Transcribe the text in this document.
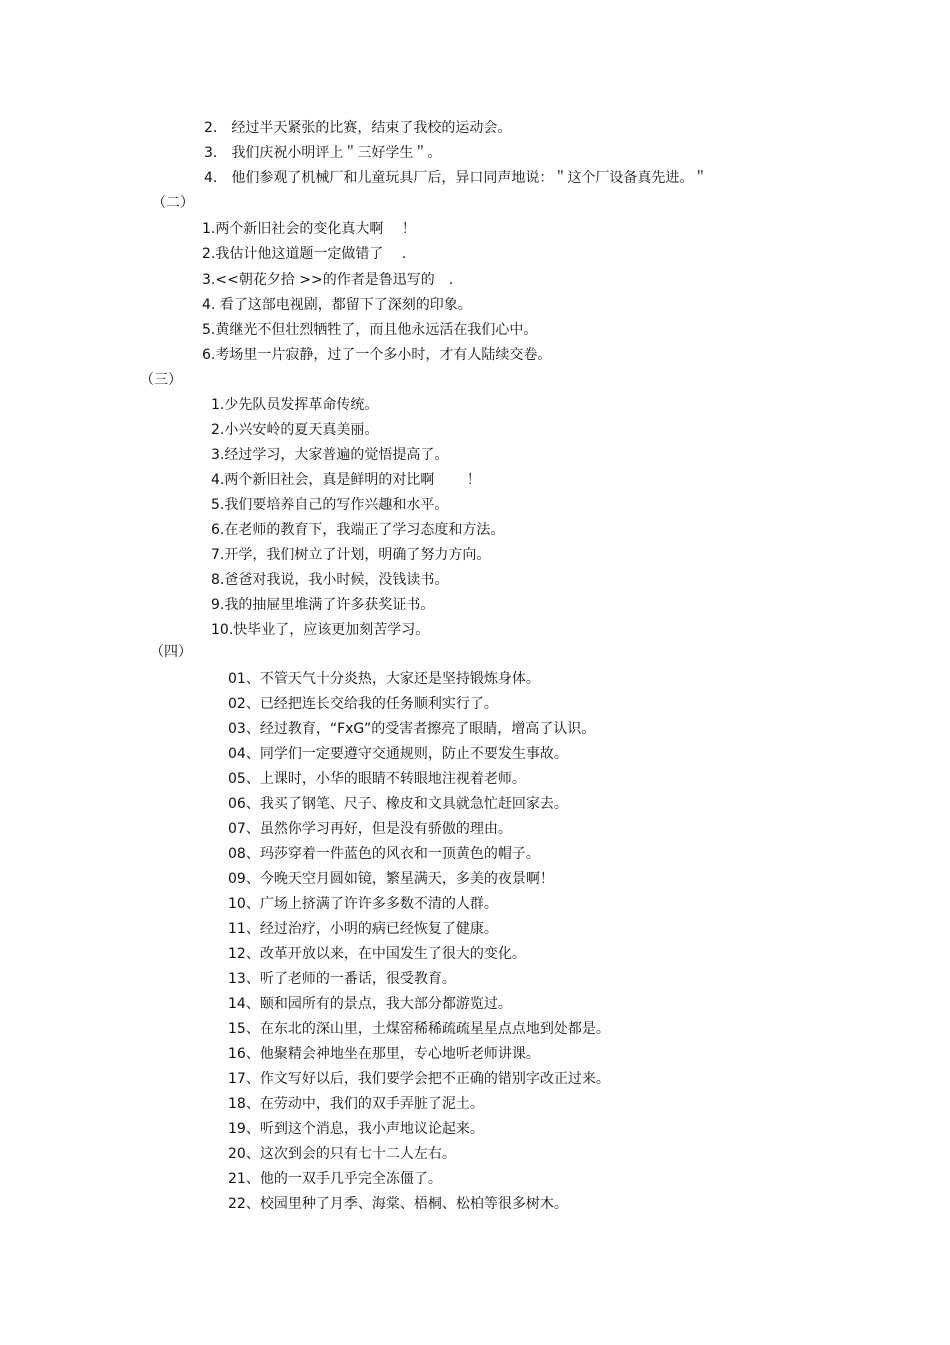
2． 经过半天紧张的比赛，结束了我校的运动会。
3． 我们庆祝小明评上＂三好学生＂。
4． 他们参观了机械厂和儿童玩具厂后，异口同声地说：＂这个厂设备真先进。＂
（二）
1.两个新旧社会的变化真大啊　 ！
2.我估计他这道题一定做错了　 .
3.<<朝花夕拾 >>的作者是鲁迅写的　.
4. 看了这部电视剧，都留下了深刻的印象。
5.黄继光不但壮烈牺牲了，而且他永远活在我们心中。
6.考场里一片寂静，过了一个多小时，才有人陆续交卷。
（三）
1.少先队员发挥革命传统。
2.小兴安岭的夏天真美丽。
3.经过学习，大家普遍的觉悟提高了。
4.两个新旧社会，真是鲜明的对比啊　　 ！
5.我们要培养自己的写作兴趣和水平。
6.在老师的教育下，我端正了学习态度和方法。
7.开学，我们树立了计划，明确了努力方向。
8.爸爸对我说，我小时候，没钱读书。
9.我的抽屉里堆满了许多获奖证书。
10.快毕业了，应该更加刻苦学习。
（四）
01、不管天气十分炎热，大家还是坚持锻炼身体。
02、已经把连长交给我的任务顺利实行了。
03、经过教育，“FxG”的受害者擦亮了眼睛，增高了认识。
04、同学们一定要遵守交通规则，防止不要发生事故。
05、上课时，小华的眼睛不转眼地注视着老师。
06、我买了钢笔、尺子、橡皮和文具就急忙赶回家去。
07、虽然你学习再好，但是没有骄傲的理由。
08、玛莎穿着一件蓝色的风衣和一顶黄色的帽子。
09、今晚天空月圆如镜，繁星满天，多美的夜景啊！
10、广场上挤满了许许多多数不清的人群。
11、经过治疗，小明的病已经恢复了健康。
12、改革开放以来，在中国发生了很大的变化。
13、听了老师的一番话，很受教育。
14、颐和园所有的景点，我大部分都游览过。
15、在东北的深山里，土煤窑稀稀疏疏星星点点地到处都是。
16、他聚精会神地坐在那里，专心地听老师讲课。
17、作文写好以后，我们要学会把不正确的错别字改正过来。
18、在劳动中，我们的双手弄脏了泥土。
19、听到这个消息，我小声地议论起来。
20、这次到会的只有七十二人左右。
21、他的一双手几乎完全冻僵了。
22、校园里种了月季、海棠、梧桐、松柏等很多树木。
